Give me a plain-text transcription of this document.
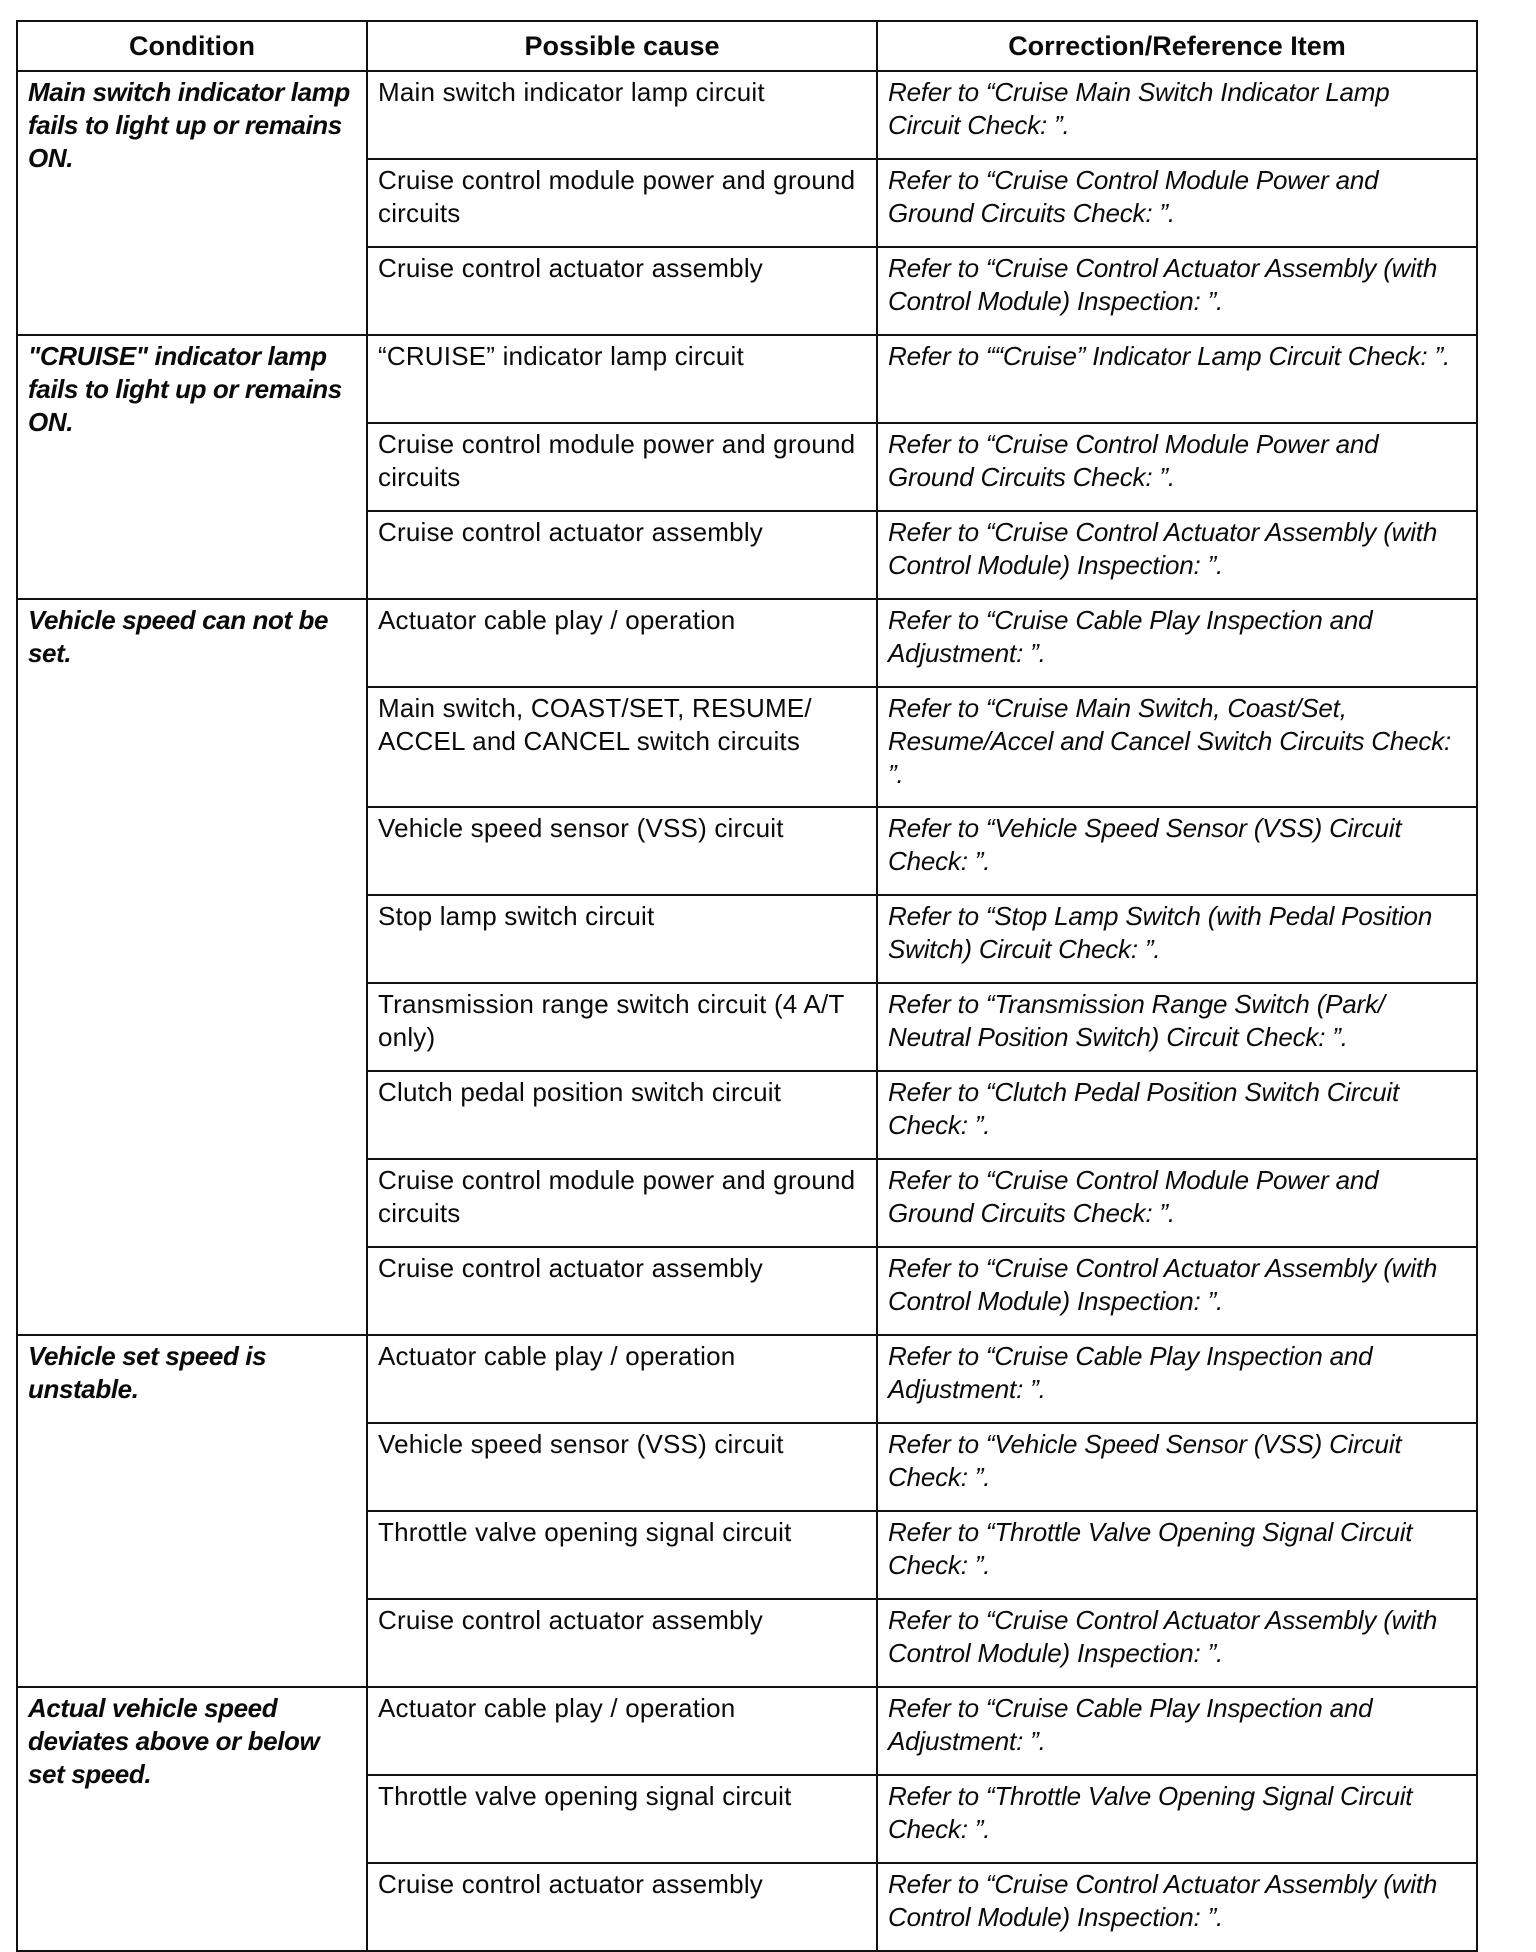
Condition	Possible cause	Correction/Reference Item
Main switch indicator lamp fails to light up or remains ON.	Main switch indicator lamp circuit	Refer to “Cruise Main Switch Indicator Lamp Circuit Check: ”.
	Cruise control module power and ground circuits	Refer to “Cruise Control Module Power and Ground Circuits Check: ”.
	Cruise control actuator assembly	Refer to “Cruise Control Actuator Assembly (with Control Module) Inspection: ”.
"CRUISE" indicator lamp fails to light up or remains ON.	“CRUISE” indicator lamp circuit	Refer to ““Cruise” Indicator Lamp Circuit Check: ”.
	Cruise control module power and ground circuits	Refer to “Cruise Control Module Power and Ground Circuits Check: ”.
	Cruise control actuator assembly	Refer to “Cruise Control Actuator Assembly (with Control Module) Inspection: ”.
Vehicle speed can not be set.	Actuator cable play / operation	Refer to “Cruise Cable Play Inspection and Adjustment: ”.
	Main switch, COAST/SET, RESUME/ ACCEL and CANCEL switch circuits	Refer to “Cruise Main Switch, Coast/Set, Resume/Accel and Cancel Switch Circuits Check: ”.
	Vehicle speed sensor (VSS) circuit	Refer to “Vehicle Speed Sensor (VSS) Circuit Check: ”.
	Stop lamp switch circuit	Refer to “Stop Lamp Switch (with Pedal Position Switch) Circuit Check: ”.
	Transmission range switch circuit (4 A/T only)	Refer to “Transmission Range Switch (Park/ Neutral Position Switch) Circuit Check: ”.
	Clutch pedal position switch circuit	Refer to “Clutch Pedal Position Switch Circuit Check: ”.
	Cruise control module power and ground circuits	Refer to “Cruise Control Module Power and Ground Circuits Check: ”.
	Cruise control actuator assembly	Refer to “Cruise Control Actuator Assembly (with Control Module) Inspection: ”.
Vehicle set speed is unstable.	Actuator cable play / operation	Refer to “Cruise Cable Play Inspection and Adjustment: ”.
	Vehicle speed sensor (VSS) circuit	Refer to “Vehicle Speed Sensor (VSS) Circuit Check: ”.
	Throttle valve opening signal circuit	Refer to “Throttle Valve Opening Signal Circuit Check: ”.
	Cruise control actuator assembly	Refer to “Cruise Control Actuator Assembly (with Control Module) Inspection: ”.
Actual vehicle speed deviates above or below set speed.	Actuator cable play / operation	Refer to “Cruise Cable Play Inspection and Adjustment: ”.
	Throttle valve opening signal circuit	Refer to “Throttle Valve Opening Signal Circuit Check: ”.
	Cruise control actuator assembly	Refer to “Cruise Control Actuator Assembly (with Control Module) Inspection: ”.
